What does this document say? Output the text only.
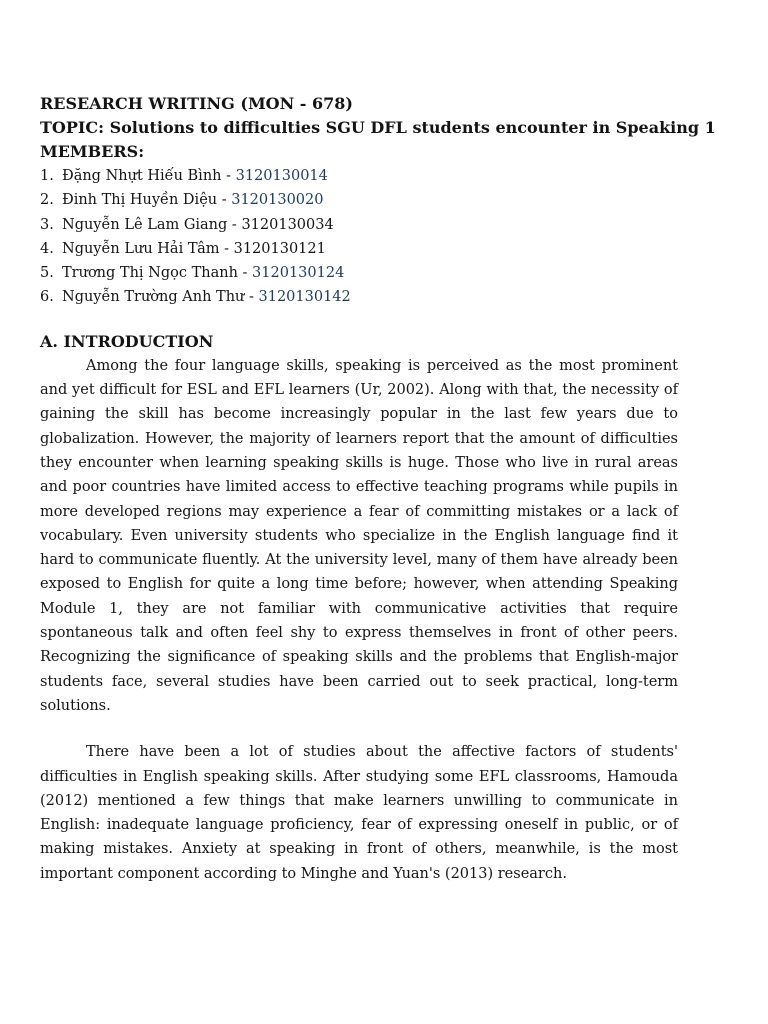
RESEARCH WRITING (MON - 678)

TOPIC: Solutions to difficulties SGU DFL students encounter in Speaking 1

MEMBERS:

1. Đặng Nhựt Hiếu Bình - 3120130014
2. Đinh Thị Huyền Diệu - 3120130020
3. Nguyễn Lê Lam Giang - 3120130034
4. Nguyễn Lưu Hải Tâm - 3120130121
5. Trương Thị Ngọc Thanh - 3120130124
6. Nguyễn Trường Anh Thư - 3120130142

A. INTRODUCTION

Among the four language skills, speaking is perceived as the most prominent and yet difficult for ESL and EFL learners (Ur, 2002). Along with that, the necessity of gaining the skill has become increasingly popular in the last few years due to globalization. However, the majority of learners report that the amount of difficulties they encounter when learning speaking skills is huge. Those who live in rural areas and poor countries have limited access to effective teaching programs while pupils in more developed regions may experience a fear of committing mistakes or a lack of vocabulary. Even university students who specialize in the English language find it hard to communicate fluently. At the university level, many of them have already been exposed to English for quite a long time before; however, when attending Speaking Module 1, they are not familiar with communicative activities that require spontaneous talk and often feel shy to express themselves in front of other peers. Recognizing the significance of speaking skills and the problems that English-major students face, several studies have been carried out to seek practical, long-term solutions.

There have been a lot of studies about the affective factors of students' difficulties in English speaking skills. After studying some EFL classrooms, Hamouda (2012) mentioned a few things that make learners unwilling to communicate in English: inadequate language proficiency, fear of expressing oneself in public, or of making mistakes. Anxiety at speaking in front of others, meanwhile, is the most important component according to Minghe and Yuan's (2013) research.
